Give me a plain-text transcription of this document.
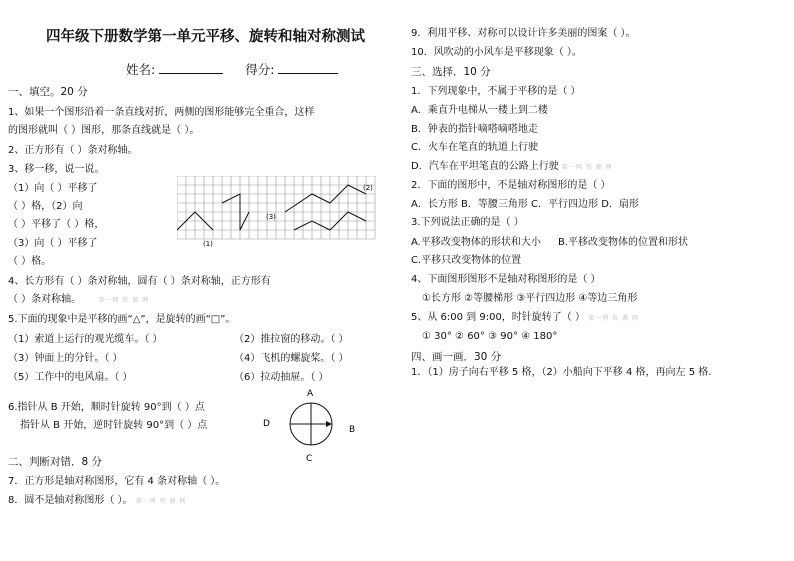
四年级下册数学第一单元平移、旋转和轴对称测试
姓名:	得分:
一、填空。20 分
1、如果一个图形沿着一条直线对折，两侧的图形能够完全重合，这样
的图形就叫（ ）图形，那条直线就是（ ）。
2、正方形有（ ）条对称轴。
3、移一移，说一说。
（1）向（ ）平移了
（ ）格，（2）向
（ ）平移了（ ）格，
（3）向（ ）平移了
（ ）格。
(1)
(2)
(3)
4、长方形有（ ）条对称轴，圆有（ ）条对称轴，正方形有
（ ）条对称轴。	第一网 资 源 网
5.下面的现象中是平移的画“△”，是旋转的画“□”。
（1）索道上运行的观光缆车。（ ）	（2）推拉窗的移动。（ ）
（3）钟面上的分针。（ ）	（4）飞机的螺旋桨。（ ）
（5）工作中的电风扇。（ ）	（6）拉动抽屉。（ ）
6.指针从 B 开始，顺时针旋转 90°到（ ）点
指针从 B 开始，逆时针旋转 90°到（ ）点
A
B
C
D
二、判断对错．8 分
7．正方形是轴对称图形，它有 4 条对称轴（ ）。
8．圆不是轴对称图形（ ）。 第一网 资 源 网
9．利用平移、对称可以设计许多美丽的图案（ ）。
10．风吹动的小风车是平移现象（ ）。
三、选择．10 分
1．下列现象中，不属于平移的是（ ）
A．乘直升电梯从一楼上到二楼
B．钟表的指针嘀嗒嘀嗒地走
C．火车在笔直的轨道上行驶
D．汽车在平坦笔直的公路上行驶 第一网 资 源 网
2．下面的图形中，不是轴对称图形的是（ ）
A．长方形 B．等腰三角形 C．平行四边形 D．扇形
3.下列说法正确的是（ ）
A.平移改变物体的形状和大小 B.平移改变物体的位置和形状
C.平移只改变物体的位置
4、下面图形图形不是轴对称图形的是（ ）
①长方形 ②等腰梯形 ③平行四边形 ④等边三角形
5、从 6:00 到 9:00，时针旋转了（ ） 第一网 资 源 网
① 30° ② 60° ③ 90° ④ 180°
四、画一画．30 分
1．（1）房子向右平移 5 格，（2）小船向下平移 4 格，再向左 5 格．
